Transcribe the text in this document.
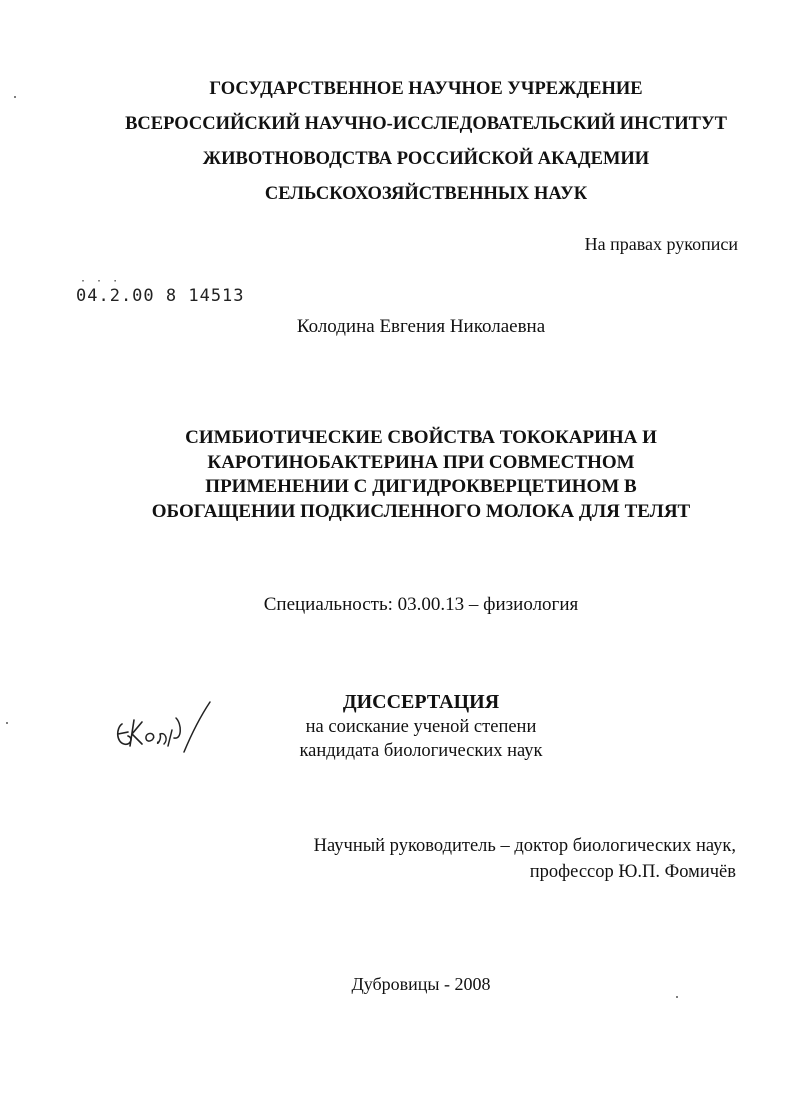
ГОСУДАРСТВЕННОЕ НАУЧНОЕ УЧРЕЖДЕНИЕ
ВСЕРОССИЙСКИЙ НАУЧНО-ИССЛЕДОВАТЕЛЬСКИЙ ИНСТИТУТ
ЖИВОТНОВОДСТВА РОССИЙСКОЙ АКАДЕМИИ
СЕЛЬСКОХОЗЯЙСТВЕННЫХ НАУК
На правах рукописи
· · ·
04.2.00 8 14513
Колодина Евгения Николаевна
СИМБИОТИЧЕСКИЕ СВОЙСТВА ТОКОКАРИНА И
КАРОТИНОБАКТЕРИНА ПРИ СОВМЕСТНОМ
ПРИМЕНЕНИИ С ДИГИДРОКВЕРЦЕТИНОМ В
ОБОГАЩЕНИИ ПОДКИСЛЕННОГО МОЛОКА ДЛЯ ТЕЛЯТ
Специальность: 03.00.13 – физиология
ДИССЕРТАЦИЯ
на соискание ученой степени
кандидата биологических наук
Научный руководитель – доктор биологических наук,
профессор Ю.П. Фомичёв
Дубровицы - 2008
